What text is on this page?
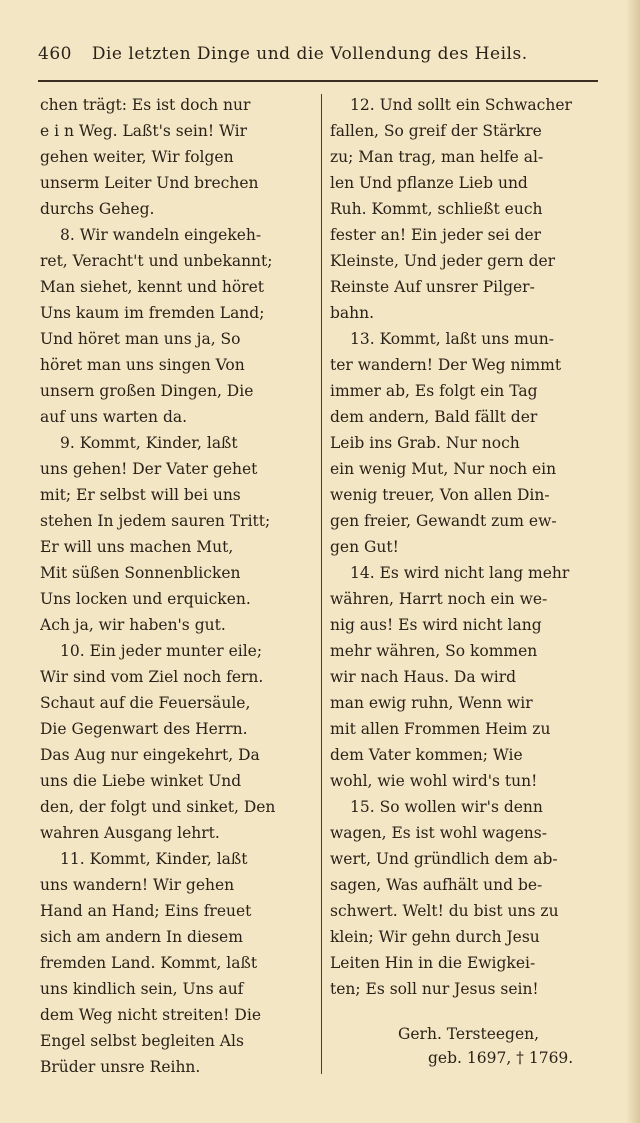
460 Die letzten Dinge und die Vollendung des Heils.
chen trägt: Es ist doch nur
e i n Weg. Laßt's sein! Wir
gehen weiter, Wir folgen
unserm Leiter Und brechen
durchs Geheg.
8. Wir wandeln eingekeh-
ret, Veracht't und unbekannt;
Man siehet, kennt und höret
Uns kaum im fremden Land;
Und höret man uns ja, So
höret man uns singen Von
unsern großen Dingen, Die
auf uns warten da.
9. Kommt, Kinder, laßt
uns gehen! Der Vater gehet
mit; Er selbst will bei uns
stehen In jedem sauren Tritt;
Er will uns machen Mut,
Mit süßen Sonnenblicken
Uns locken und erquicken.
Ach ja, wir haben's gut.
10. Ein jeder munter eile;
Wir sind vom Ziel noch fern.
Schaut auf die Feuersäule,
Die Gegenwart des Herrn.
Das Aug nur eingekehrt, Da
uns die Liebe winket Und
den, der folgt und sinket, Den
wahren Ausgang lehrt.
11. Kommt, Kinder, laßt
uns wandern! Wir gehen
Hand an Hand; Eins freuet
sich am andern In diesem
fremden Land. Kommt, laßt
uns kindlich sein, Uns auf
dem Weg nicht streiten! Die
Engel selbst begleiten Als
Brüder unsre Reihn.
12. Und sollt ein Schwacher
fallen, So greif der Stärkre
zu; Man trag, man helfe al-
len Und pflanze Lieb und
Ruh. Kommt, schließt euch
fester an! Ein jeder sei der
Kleinste, Und jeder gern der
Reinste Auf unsrer Pilger-
bahn.
13. Kommt, laßt uns mun-
ter wandern! Der Weg nimmt
immer ab, Es folgt ein Tag
dem andern, Bald fällt der
Leib ins Grab. Nur noch
ein wenig Mut, Nur noch ein
wenig treuer, Von allen Din-
gen freier, Gewandt zum ew-
gen Gut!
14. Es wird nicht lang mehr
währen, Harrt noch ein we-
nig aus! Es wird nicht lang
mehr währen, So kommen
wir nach Haus. Da wird
man ewig ruhn, Wenn wir
mit allen Frommen Heim zu
dem Vater kommen; Wie
wohl, wie wohl wird's tun!
15. So wollen wir's denn
wagen, Es ist wohl wagens-
wert, Und gründlich dem ab-
sagen, Was aufhält und be-
schwert. Welt! du bist uns zu
klein; Wir gehn durch Jesu
Leiten Hin in die Ewigkei-
ten; Es soll nur Jesus sein!
Gerh. Tersteegen,
geb. 1697, † 1769.
